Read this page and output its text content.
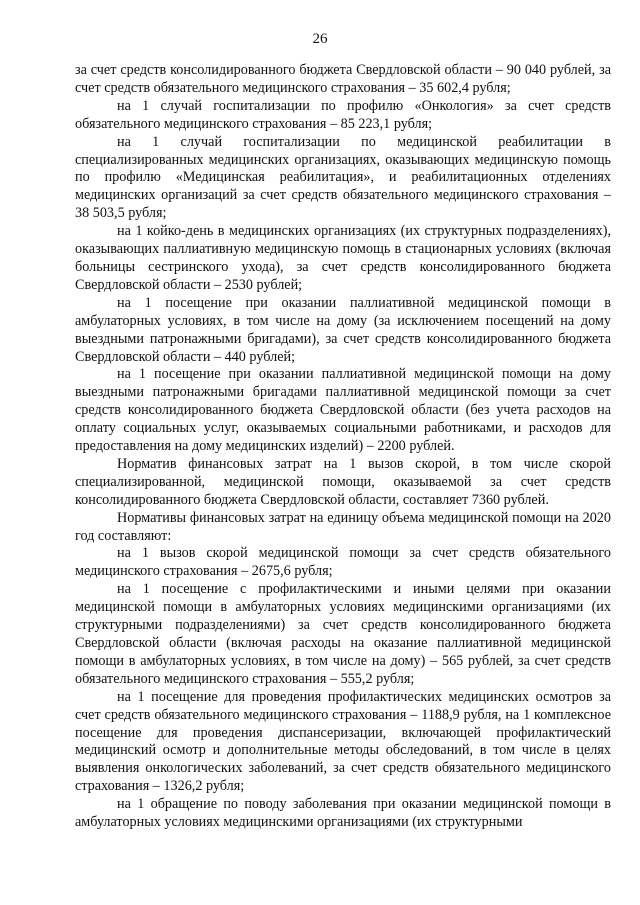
26

за счет средств консолидированного бюджета Свердловской области – 90 040 рублей, за счет средств обязательного медицинского страхования – 35 602,4 рубля;

на 1 случай госпитализации по профилю «Онкология» за счет средств обязательного медицинского страхования – 85 223,1 рубля;

на 1 случай госпитализации по медицинской реабилитации в специализированных медицинских организациях, оказывающих медицинскую помощь по профилю «Медицинская реабилитация», и реабилитационных отделениях медицинских организаций за счет средств обязательного медицинского страхования – 38 503,5 рубля;

на 1 койко-день в медицинских организациях (их структурных подразделениях), оказывающих паллиативную медицинскую помощь в стационарных условиях (включая больницы сестринского ухода), за счет средств консолидированного бюджета Свердловской области – 2530 рублей;

на 1 посещение при оказании паллиативной медицинской помощи в амбулаторных условиях, в том числе на дому (за исключением посещений на дому выездными патронажными бригадами), за счет средств консолидированного бюджета Свердловской области – 440 рублей;

на 1 посещение при оказании паллиативной медицинской помощи на дому выездными патронажными бригадами паллиативной медицинской помощи за счет средств консолидированного бюджета Свердловской области (без учета расходов на оплату социальных услуг, оказываемых социальными работниками, и расходов для предоставления на дому медицинских изделий) – 2200 рублей.

Норматив финансовых затрат на 1 вызов скорой, в том числе скорой специализированной, медицинской помощи, оказываемой за счет средств консолидированного бюджета Свердловской области, составляет 7360 рублей.

Нормативы финансовых затрат на единицу объема медицинской помощи на 2020 год составляют:

на 1 вызов скорой медицинской помощи за счет средств обязательного медицинского страхования – 2675,6 рубля;

на 1 посещение с профилактическими и иными целями при оказании медицинской помощи в амбулаторных условиях медицинскими организациями (их структурными подразделениями) за счет средств консолидированного бюджета Свердловской области (включая расходы на оказание паллиативной медицинской помощи в амбулаторных условиях, в том числе на дому) – 565 рублей, за счет средств обязательного медицинского страхования – 555,2 рубля;

на 1 посещение для проведения профилактических медицинских осмотров за счет средств обязательного медицинского страхования – 1188,9 рубля, на 1 комплексное посещение для проведения диспансеризации, включающей профилактический медицинский осмотр и дополнительные методы обследований, в том числе в целях выявления онкологических заболеваний, за счет средств обязательного медицинского страхования – 1326,2 рубля;

на 1 обращение по поводу заболевания при оказании медицинской помощи в амбулаторных условиях медицинскими организациями (их структурными
